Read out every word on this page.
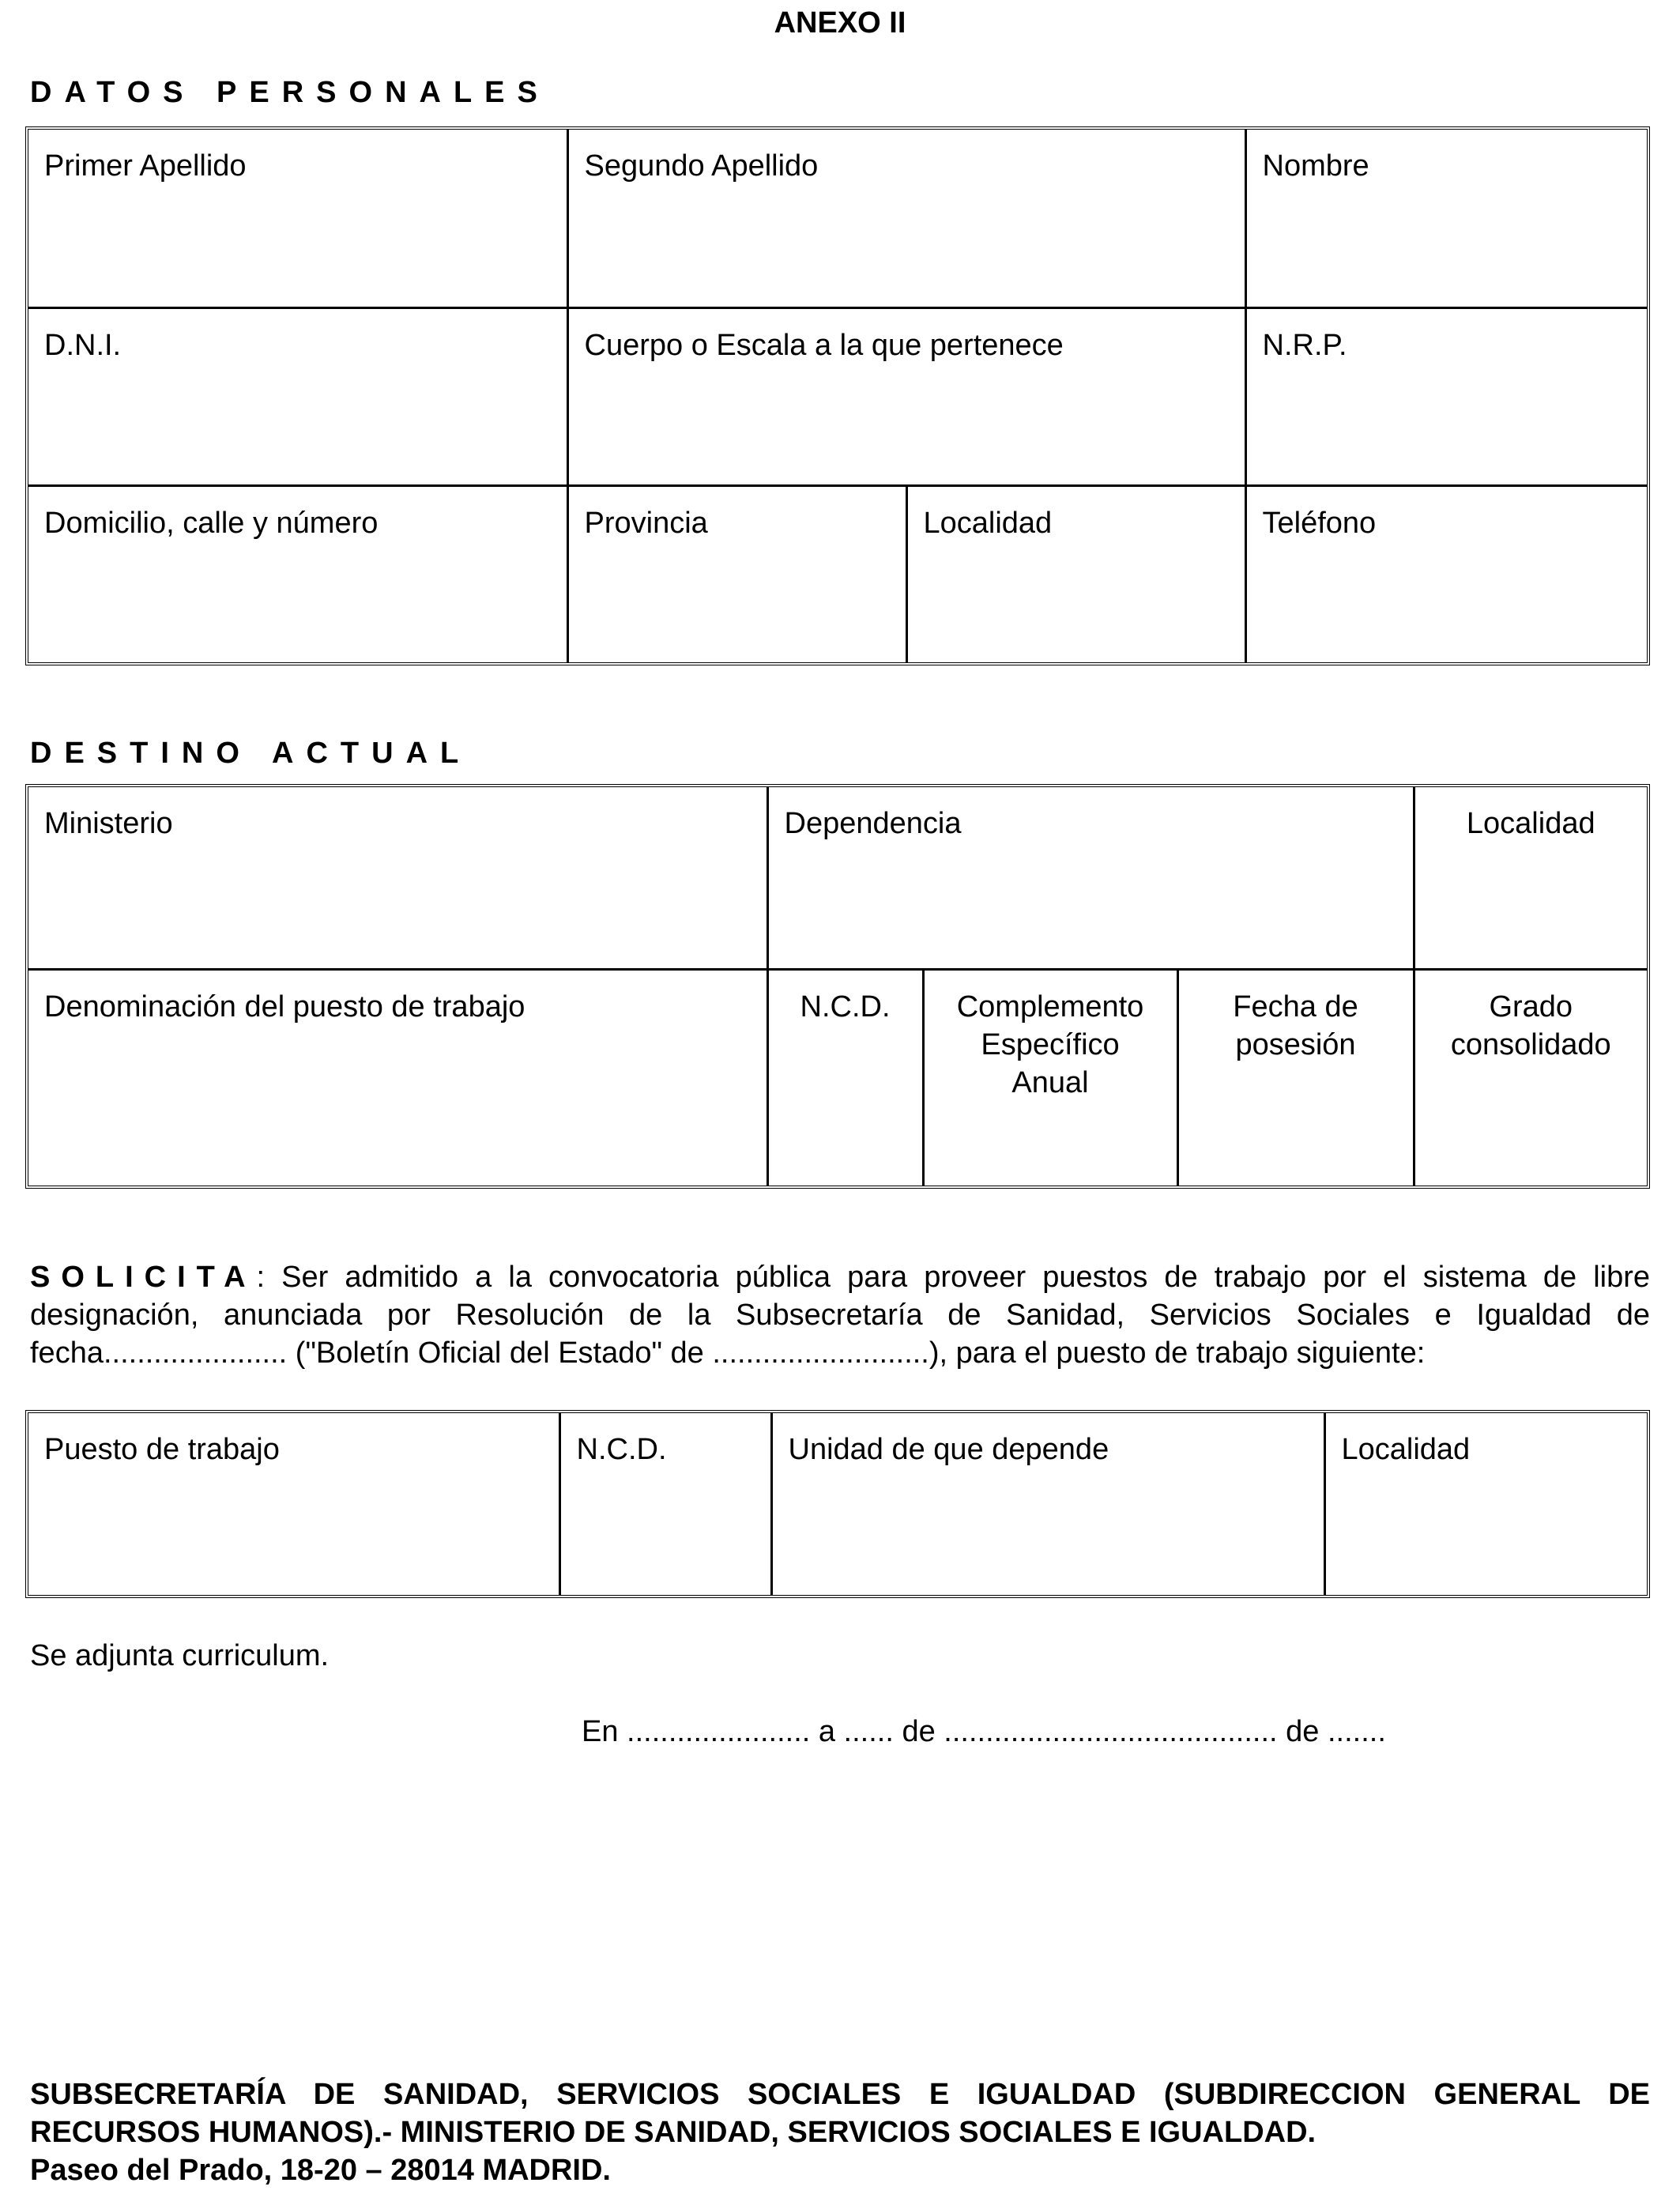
ANEXO II
DATOS PERSONALES
Primer Apellido	Segundo Apellido		Nombre
D.N.I.	Cuerpo o Escala a la que pertenece		N.R.P.
Domicilio, calle y número	Provincia	Localidad	Teléfono
DESTINO ACTUAL
Ministerio	Dependencia			Localidad
Denominación del puesto de trabajo	N.C.D.	Complemento Específico Anual	Fecha de posesión	Grado consolidado
SOLICITA: Ser admitido a la convocatoria pública para proveer puestos de trabajo por el sistema de libre designación, anunciada por Resolución de la Subsecretaría de Sanidad, Servicios Sociales e Igualdad de fecha...................... ("Boletín Oficial del Estado" de ..........................), para el puesto de trabajo siguiente:
Puesto de trabajo	N.C.D.	Unidad de que depende	Localidad
Se adjunta curriculum.
En ...................... a ...... de ........................................ de .......
SUBSECRETARÍA DE SANIDAD, SERVICIOS SOCIALES E IGUALDAD (SUBDIRECCION GENERAL DE RECURSOS HUMANOS).- MINISTERIO DE SANIDAD, SERVICIOS SOCIALES E IGUALDAD.
Paseo del Prado, 18-20 – 28014 MADRID.
